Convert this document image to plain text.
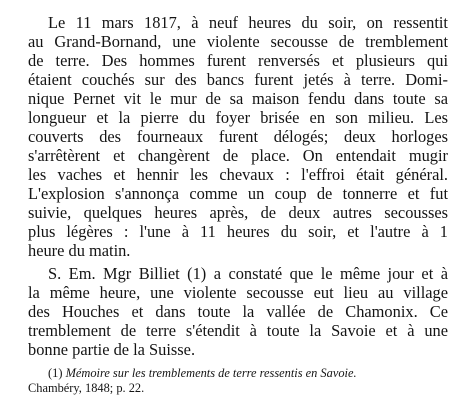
Le 11 mars 1817, à neuf heures du soir, on ressentit
au Grand-Bornand, une violente secousse de tremblement
de terre. Des hommes furent renversés et plusieurs qui
étaient couchés sur des bancs furent jetés à terre. Domi-
nique Pernet vit le mur de sa maison fendu dans toute sa
longueur et la pierre du foyer brisée en son milieu. Les
couverts des fourneaux furent délogés; deux horloges
s'arrêtèrent et changèrent de place. On entendait mugir
les vaches et hennir les chevaux : l'effroi était général.
L'explosion s'annonça comme un coup de tonnerre et fut
suivie, quelques heures après, de deux autres secousses
plus légères : l'une à 11 heures du soir, et l'autre à 1
heure du matin.
S. Em. Mgr Billiet (1) a constaté que le même jour et à
la même heure, une violente secousse eut lieu au village
des Houches et dans toute la vallée de Chamonix. Ce
tremblement de terre s'étendit à toute la Savoie et à une
bonne partie de la Suisse.
(1) Mémoire sur les tremblements de terre ressentis en Savoie.
Chambéry, 1848; p. 22.
